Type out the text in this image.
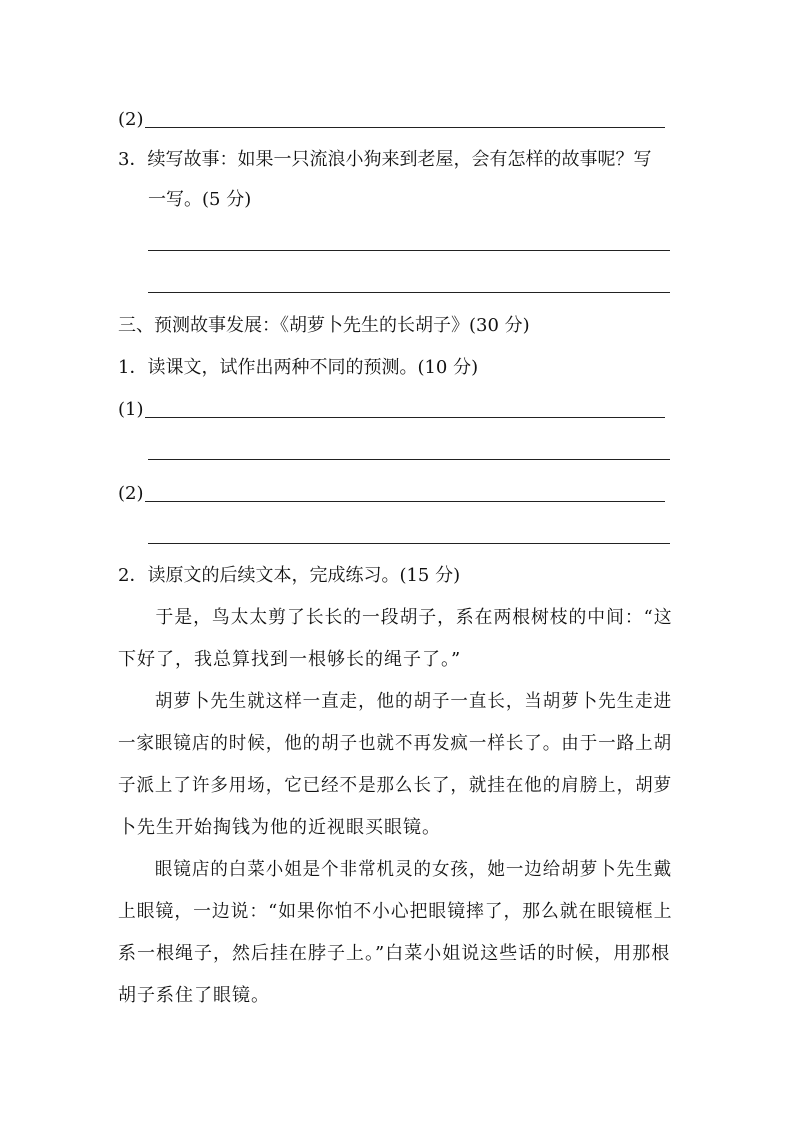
(2)
3．续写故事：如果一只流浪小狗来到老屋，会有怎样的故事呢？写
一写。(5 分)
三、预测故事发展：《胡萝卜先生的长胡子》(30 分)
1．读课文，试作出两种不同的预测。(10 分)
(1)
(2)
2．读原文的后续文本，完成练习。(15 分)
　　于是，鸟太太剪了长长的一段胡子，系在两根树枝的中间：“这
下好了，我总算找到一根够长的绳子了。”
　　胡萝卜先生就这样一直走，他的胡子一直长，当胡萝卜先生走进
一家眼镜店的时候，他的胡子也就不再发疯一样长了。由于一路上胡
子派上了许多用场，它已经不是那么长了，就挂在他的肩膀上，胡萝
卜先生开始掏钱为他的近视眼买眼镜。
　　眼镜店的白菜小姐是个非常机灵的女孩，她一边给胡萝卜先生戴
上眼镜，一边说：“如果你怕不小心把眼镜摔了，那么就在眼镜框上
系一根绳子，然后挂在脖子上。”白菜小姐说这些话的时候，用那根
胡子系住了眼镜。
